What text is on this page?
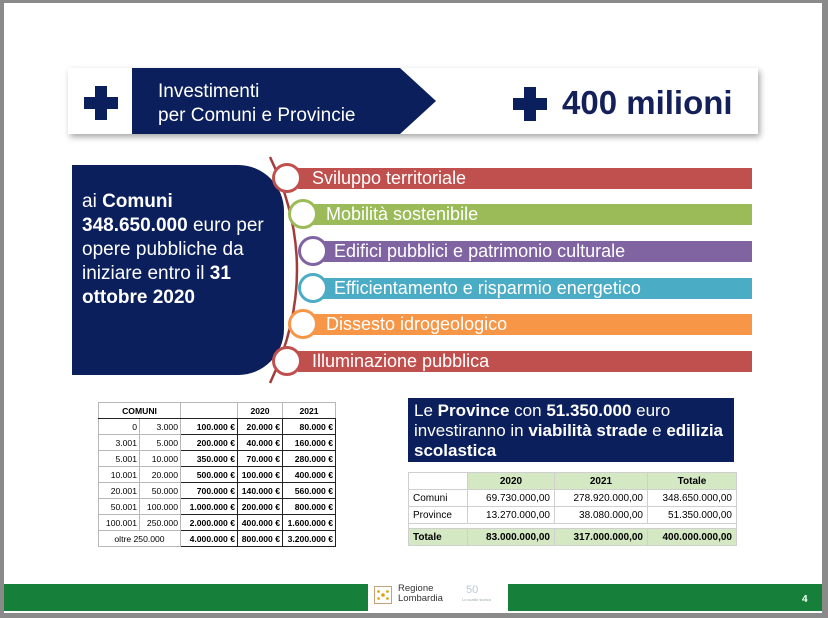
Investimenti
per Comuni e Provincie	400 milioni
ai Comuni
348.650.000 euro per opere pubbliche da iniziare entro il 31 ottobre 2020
Sviluppo territoriale
Mobilità sostenibile
Edifici pubblici e patrimonio culturale
Efficientamento e risparmio energetico
Dissesto idrogeologico
Illuminazione pubblica
COMUNI			2020	2021
0	3.000	100.000 €	20.000 €	80.000 €
3.001	5.000	200.000 €	40.000 €	160.000 €
5.001	10.000	350.000 €	70.000 €	280.000 €
10.001	20.000	500.000 €	100.000 €	400.000 €
20.001	50.000	700.000 €	140.000 €	560.000 €
50.001	100.000	1.000.000 €	200.000 €	800.000 €
100.001	250.000	2.000.000 €	400.000 €	1.600.000 €
oltre 250.000		4.000.000 €	800.000 €	3.200.000 €
Le Province con 51.350.000 euro investiranno in viabilità strade e edilizia scolastica
	2020	2021	Totale
Comuni	69.730.000,00	278.920.000,00	348.650.000,00
Province	13.270.000,00	38.080.000,00	51.350.000,00

Totale	83.000.000,00	317.000.000,00	400.000.000,00
Regione
Lombardia
50
Lo scatto storico	4
